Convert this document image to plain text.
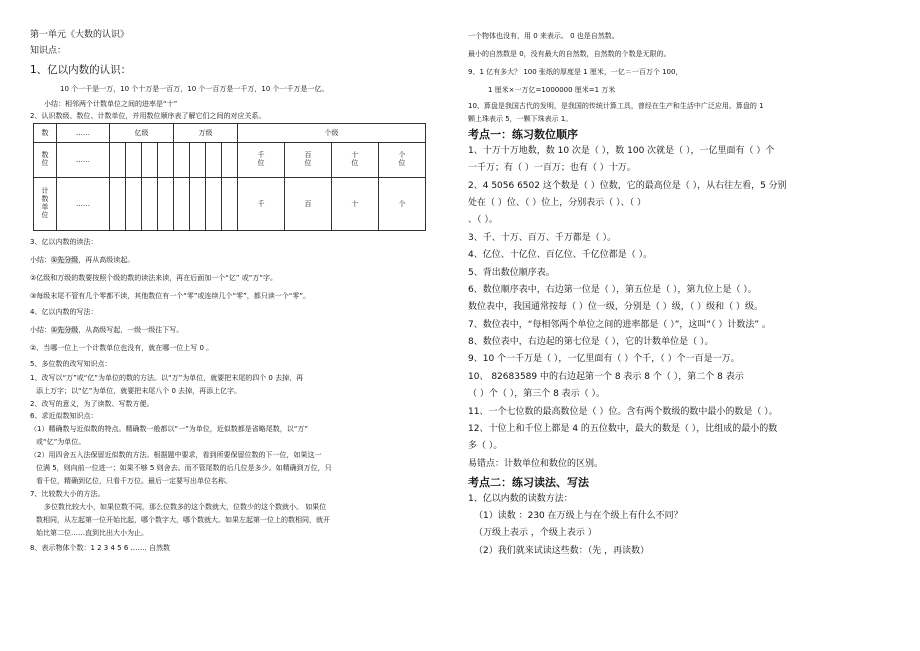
第一单元《大数的认识》
知识点：
1、亿以内数的认识：
10 个一千是一万，10 个十万是一百万，10 个一百万是一千万，10 个一千万是一亿。
小结：相邻两个计数单位之间的进率是“十”
2、认识数级、数位、计数单位，并用数位顺序表了解它们之间的对应关系。
数	……	亿级				万级				个级			
数位	……									千位	百位	十位	个位
计数单位	……									千	百	十	个
3、亿以内数的读法：
小结：①先分级，再从高级读起。
②亿级和万级的数要按照个级的数的读法来读，再在后面加一个“亿” 或“万”字。
③每级末尾不管有几个零都不读，其他数位有一个“零”或连续几个“零”，都只读一个“零”。
4、亿以内数的写法：
小结：①先分级，从高级写起，一级一级往下写。
②、当哪一位上一个计数单位也没有，就在哪一位上写 0 。
5、多位数的改写知识点：
1、改写以“万”或“亿”为单位的数的方法。以“万”为单位，就要把末尾的四个 0 去掉，再
添上万字；以“亿”为单位，就要把末尾八个 0 去掉，再添上亿字。
2、改写的意义，为了读数、写数方便。
6、求近似数知识点：
（1）精确数与近似数的特点。精确数一般都以“一”为单位，近似数都是省略尾数，以“万”
或“亿”为单位。
（2）用四舍五入法保留近似数的方法。根据题中要求，看到所要保留位数的下一位，如果这一
位满 5，则向前一位进一；如果不够 5 则舍去。而不管尾数的后几位是多少。如精确到万位，只
看千位，精确到亿位，只看千万位。最后一定要写出单位名称。
7、比较数大小的方法。
多位数比较大小，如果位数不同，那么位数多的这个数就大，位数少的这个数就小。 如果位
数相同，从左起第一位开始比起，哪个数字大，哪个数就大。如果左起第一位上的数相同，就开
始比第二位……直到比出大小为止。
8、表示物体个数：1 2 3 4 5 6 ……. 自然数
一个物体也没有，用 0 来表示。 0 也是自然数。
最小的自然数是 0，没有最大的自然数，自然数的个数是无限的。
9、1 亿有多大？ 100 张纸的厚度是 1 厘米，一亿＝一百万个 100，
1 厘米×一万亿=1000000 厘米=1 万米
10、算盘是我国古代的发明，是我国的传统计算工具，曾经在生产和生活中广泛应用。算盘的 1
颗上珠表示 5，一颗下珠表示 1。
考点一：练习数位顺序
1、十万十万地数，数 10 次是（ ），数 100 次就是（ ），一亿里面有（ ）个
一千万；有（ ）一百万；也有（ ）十万。
2、4 5056 6502 这个数是（ ）位数，它的最高位是（ ），从右往左看，5 分别
处在（ ）位、（ ）位上，分别表示（ ）、（ ）
、（ ）。
3、千、十万、百万、千万都是（ ）。
4、亿位、十亿位、百亿位、千亿位都是（ ）。
5、背出数位顺序表。
6、数位顺序表中，右边第一位是（ ），第五位是（ ），第九位上是（ ）。
数位表中，我国通常按每（ ）位一级，分别是（ ）级，（ ）级和（ ）级。
7、数位表中，“每相邻两个单位之间的进率都是（ ）”，这叫“（ ）计数法” 。
8、数位表中，右边起的第七位是（ ），它的计数单位是（ ）。
9、10 个一千万是（ ），一亿里面有（ ）个千，（ ）个一百是一万。
10、 82683589 中的右边起第一个 8 表示 8 个（ ），第二个 8 表示
（ ）个（ ），第三个 8 表示（ ）。
11、一个七位数的最高数位是（ ）位。含有两个数级的数中最小的数是（ ）。
12、十位上和千位上都是 4 的五位数中，最大的数是（ ），比组成的最小的数
多（ ）。
易错点：计数单位和数位的区别。
考点二：练习读法、写法
1、亿以内数的读数方法：
（1）读数 ：230 在万级上与在个级上有什么不同？
（万级上表示 ，个级上表示 ）
（2）我们就来试读这些数：（先 ，再读数）
